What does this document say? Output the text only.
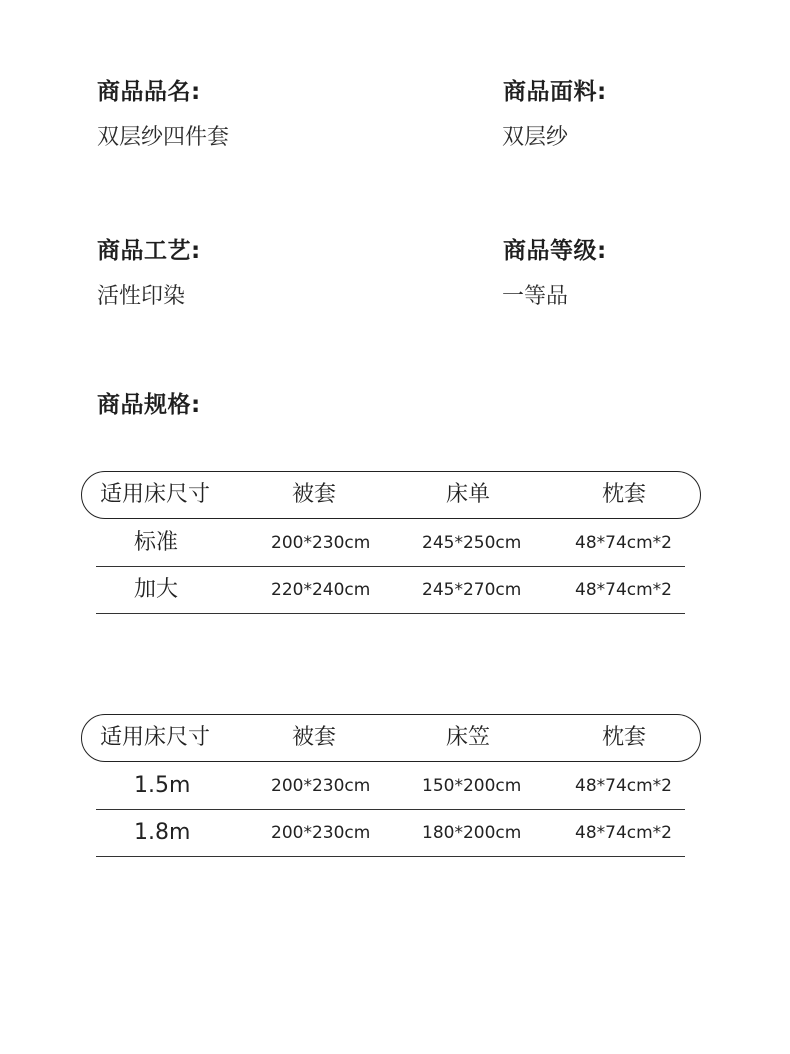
商品品名:
双层纱四件套
商品面料:
双层纱
商品工艺:
活性印染
商品等级:
一等品
商品规格:
适用床尺寸	被套	床单	枕套
标准	200*230cm	245*250cm	48*74cm*2
加大	220*240cm	245*270cm	48*74cm*2
适用床尺寸	被套	床笠	枕套
1.5m	200*230cm	150*200cm	48*74cm*2
1.8m	200*230cm	180*200cm	48*74cm*2
